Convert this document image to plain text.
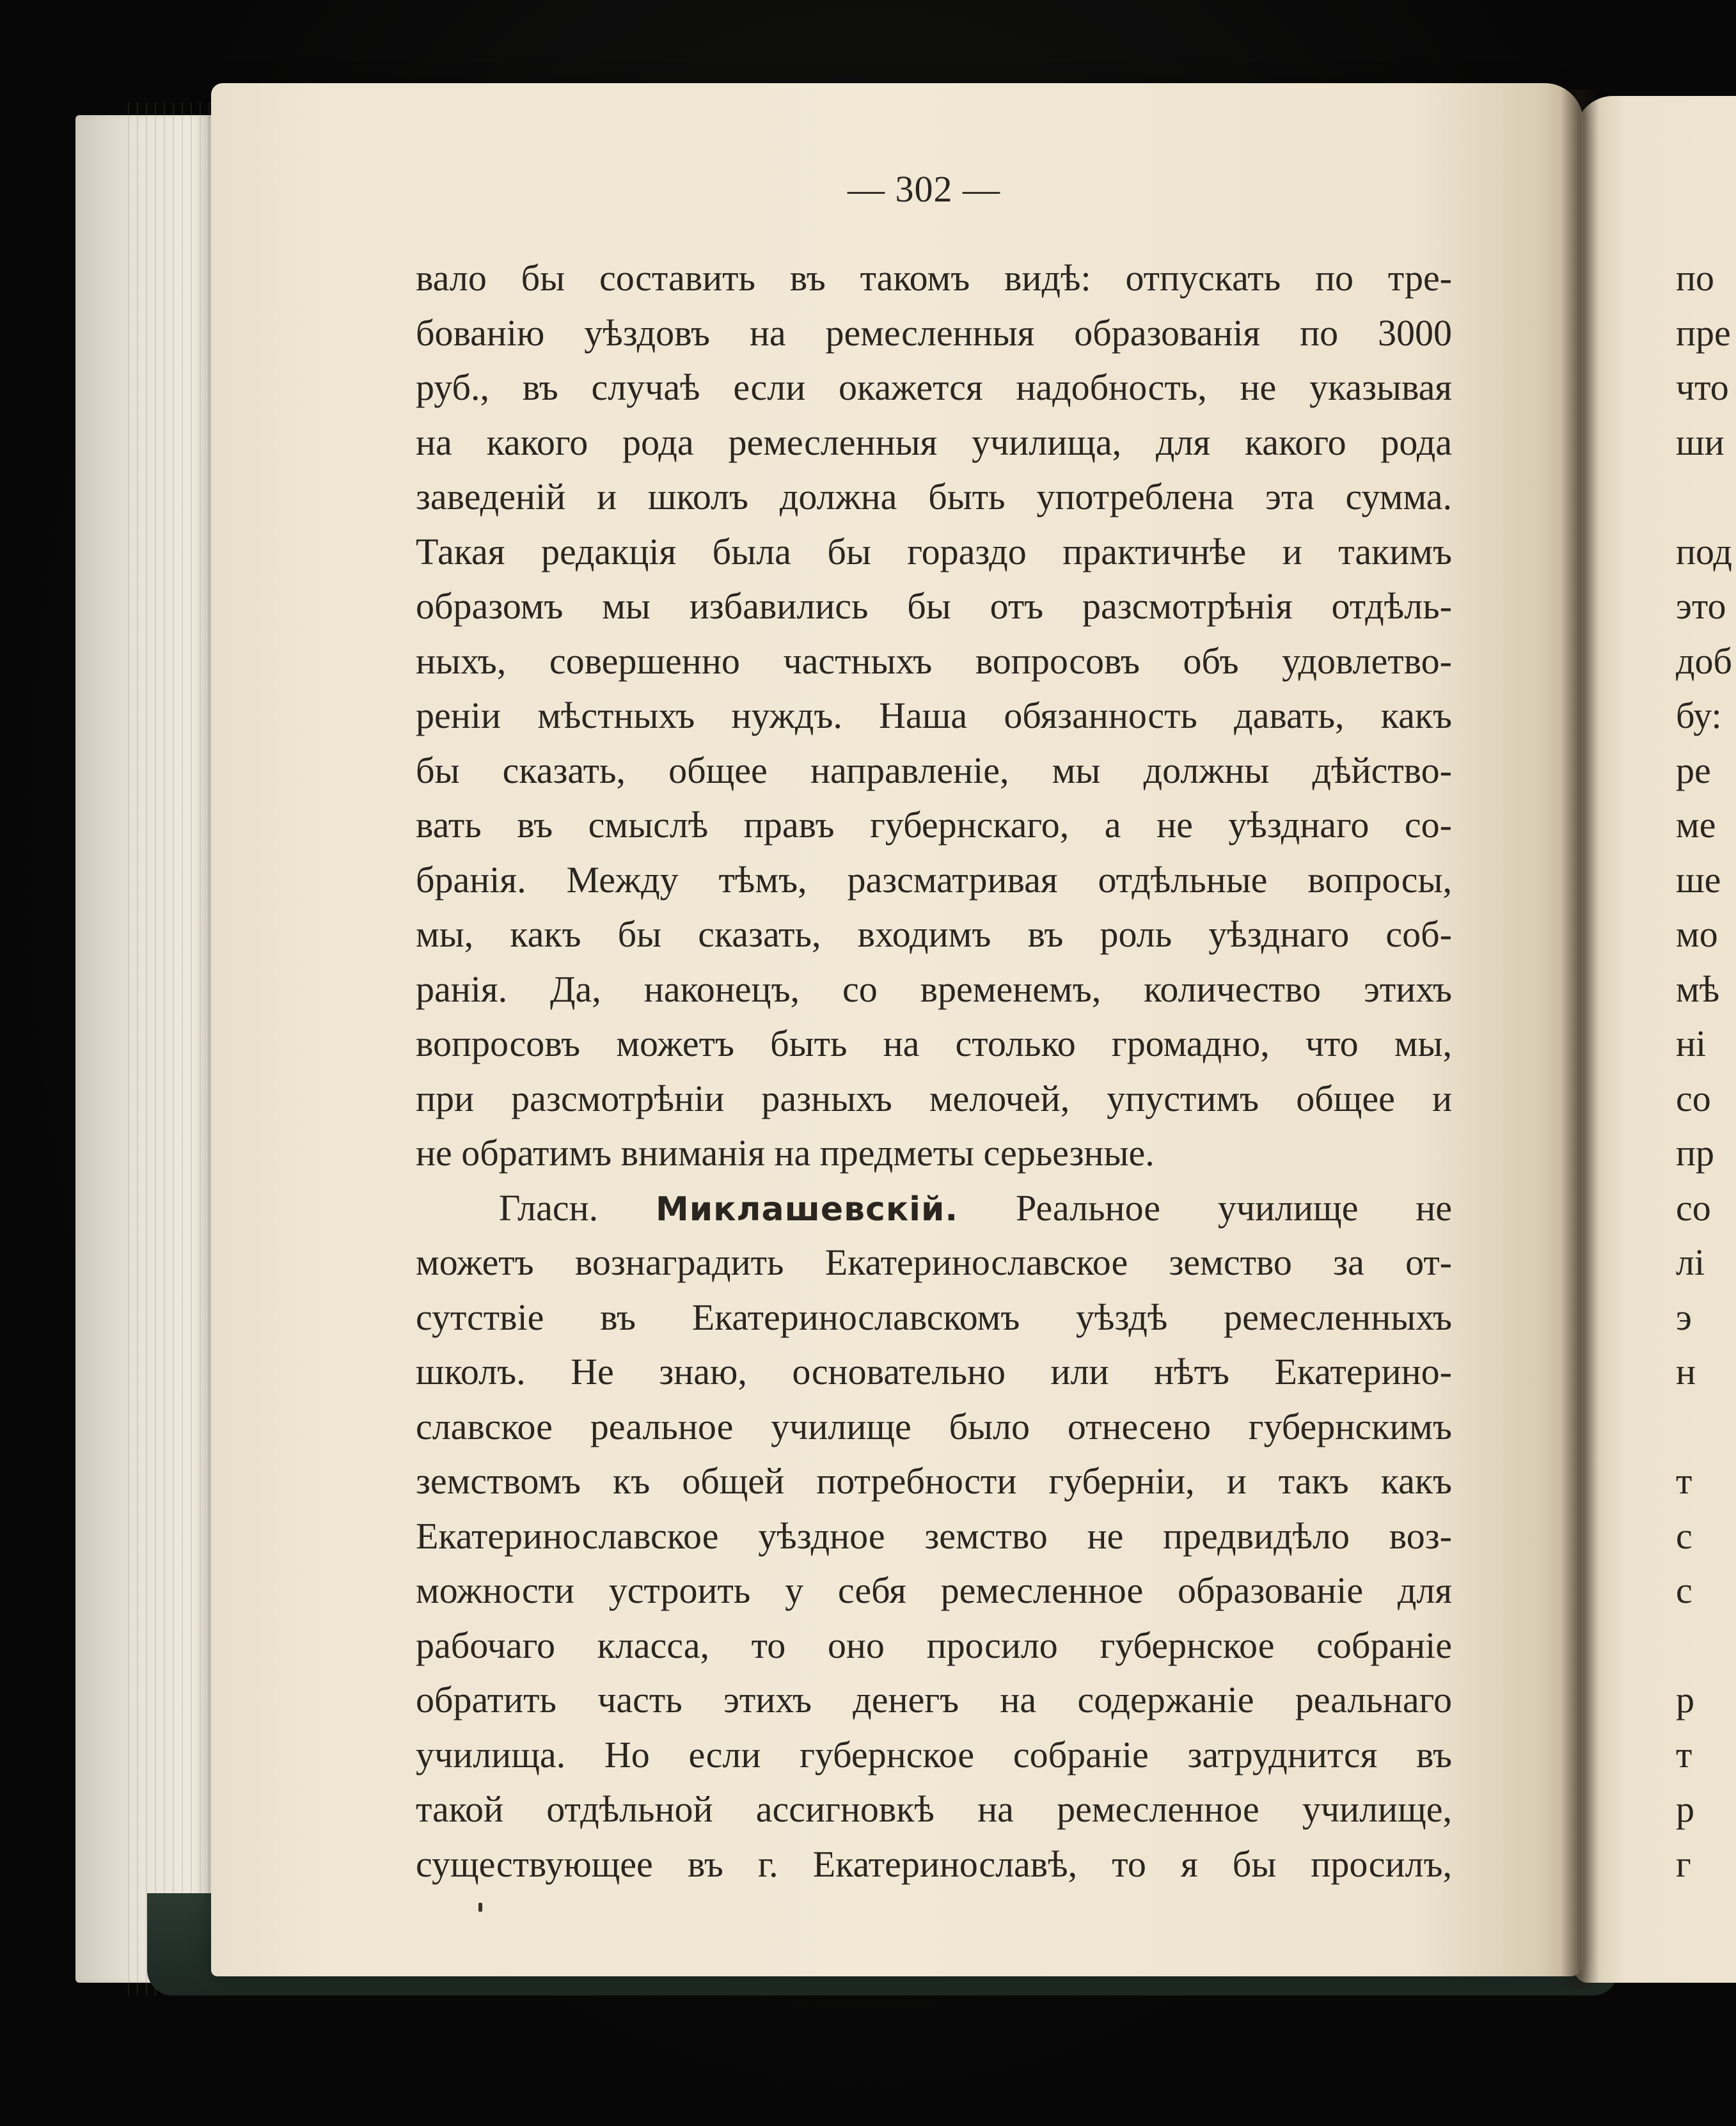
— 302 —
вало бы составить въ такомъ видѣ: отпускать по тре-
бованію уѣздовъ на ремесленныя образованія по 3000
руб., въ случаѣ если окажется надобность, не указывая
на какого рода ремесленныя училища, для какого рода
заведеній и школъ должна быть употреблена эта сумма.
Такая редакція была бы гораздо практичнѣе и такимъ
образомъ мы избавились бы отъ разсмотрѣнія отдѣль-
ныхъ, совершенно частныхъ вопросовъ объ удовлетво-
реніи мѣстныхъ нуждъ. Наша обязанность давать, какъ
бы сказать, общее направленіе, мы должны дѣйство-
вать въ смыслѣ правъ губернскаго, а не уѣзднаго со-
бранія. Между тѣмъ, разсматривая отдѣльные вопросы,
мы, какъ бы сказать, входимъ въ роль уѣзднаго соб-
ранія. Да, наконецъ, со временемъ, количество этихъ
вопросовъ можетъ быть на столько громадно, что мы,
при разсмотрѣніи разныхъ мелочей, упустимъ общее и
не обратимъ вниманія на предметы серьезные.
Гласн. Миклашевскій. Реальное училище не
можетъ вознаградить Екатеринославское земство за от-
сутствіе въ Екатеринославскомъ уѣздѣ ремесленныхъ
школъ. Не знаю, основательно или нѣтъ Екатерино-
славское реальное училище было отнесено губернскимъ
земствомъ къ общей потребности губерніи, и такъ какъ
Екатеринославское уѣздное земство не предвидѣло воз-
можности устроить у себя ремесленное образованіе для
рабочаго класса, то оно просило губернское собраніе
обратить часть этихъ денегъ на содержаніе реальнаго
училища. Но если губернское собраніе затруднится въ
такой отдѣльной ассигновкѣ на ремесленное училище,
существующее въ г. Екатеринославѣ, то я бы просилъ,
по
пре
что
ши
под
это
доб
бу:
ре
ме
ше
мо
мѣ
ні
со
пр
со
лі
э
н
т
с
с
р
т
р
г
